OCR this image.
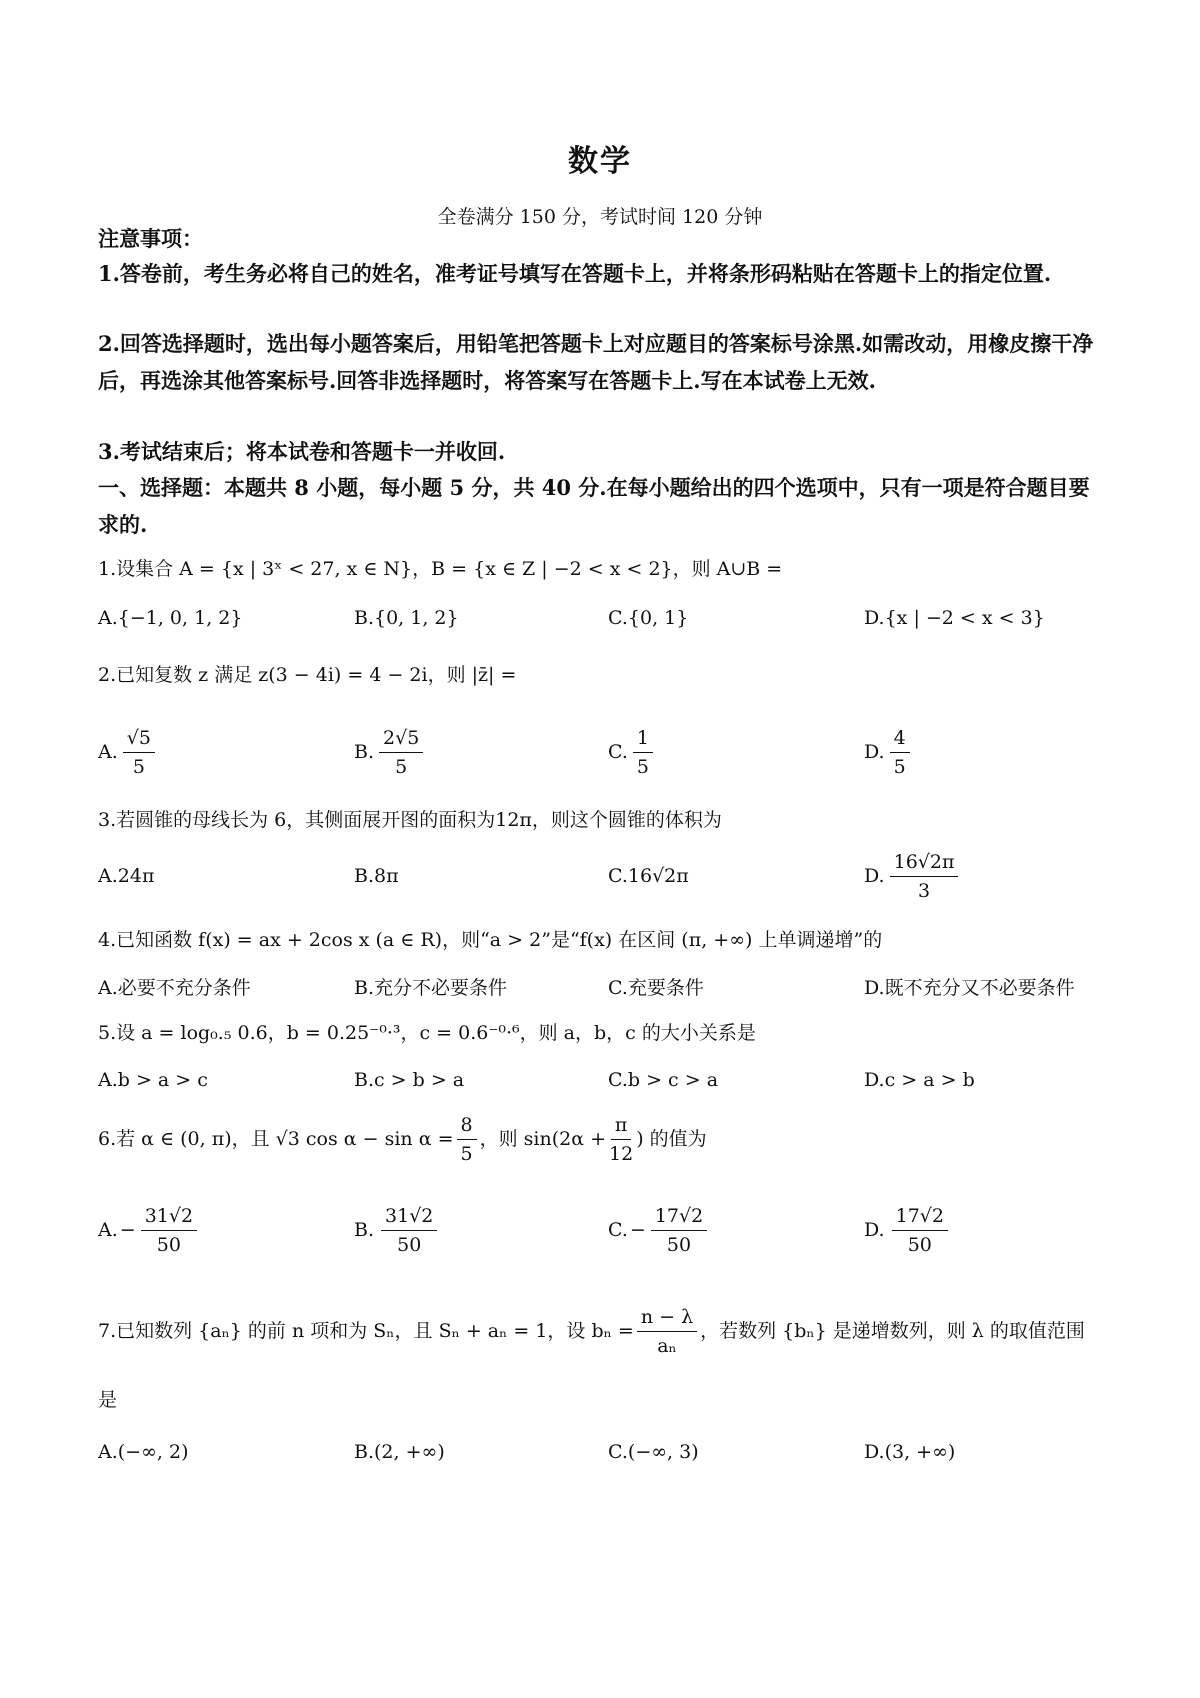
数学
全卷满分 150 分，考试时间 120 分钟
注意事项：
1.答卷前，考生务必将自己的姓名，准考证号填写在答题卡上，并将条形码粘贴在答题卡上的指定位置.
2.回答选择题时，选出每小题答案后，用铅笔把答题卡上对应题目的答案标号涂黑.如需改动，用橡皮擦干净后，再选涂其他答案标号.回答非选择题时，将答案写在答题卡上.写在本试卷上无效.
3.考试结束后；将本试卷和答题卡一并收回.
一、选择题：本题共 8 小题，每小题 5 分，共 40 分.在每小题给出的四个选项中，只有一项是符合题目要求的.
1.设集合 A = {x | 3ˣ < 27, x ∈ N}，B = {x ∈ Z | −2 < x < 2}，则 A∪B =
A.{−1, 0, 1, 2}	B.{0, 1, 2}	C.{0, 1}	D.{x | −2 < x < 3}
2.已知复数 z 满足 z(3 − 4i) = 4 − 2i，则 |z̄| =
A. $\frac{√5}{5}$	B. $\frac{2√5}{5}$	C. $\frac{1}{5}$	D. $\frac{4}{5}$
3.若圆锥的母线长为 6，其侧面展开图的面积为12π，则这个圆锥的体积为
A.24π	B.8π	C.16√2π	D. $\frac{16√2\pi}{3}$
4.已知函数 f(x) = ax + 2cos x (a ∈ R)，则“a > 2”是“f(x) 在区间 (π, +∞) 上单调递增”的
A.必要不充分条件	B.充分不必要条件	C.充要条件	D.既不充分又不必要条件
5.设 a = log₀.₅ 0.6，b = 0.25⁻⁰·³，c = 0.6⁻⁰·⁶，则 a，b，c 的大小关系是
A.b > a > c	B.c > b > a	C.b > c > a	D.c > a > b
6.若 α ∈ (0, π)，且 √3 $\cos \alpha - \sin \alpha = \frac{8}{5}$ ，则 $\sin(2\alpha + \frac{\pi}{12}$ ) 的值为
A. − $\frac{31√2}{50}$	B. $\frac{31√2}{50}$	C. − $\frac{17√2}{50}$	D. $\frac{17√2}{50}$
7.已知数列 {aₙ} 的前 n 项和为 Sₙ，且 Sₙ + aₙ = 1，设 $b_n = \frac{n - \lambda}{\text{aₙ}}$ ，若数列 {bₙ} 是递增数列，则 λ 的取值范围
是
A.(−∞, 2)	B.(2, +∞)	C.(−∞, 3)	D.(3, +∞)
